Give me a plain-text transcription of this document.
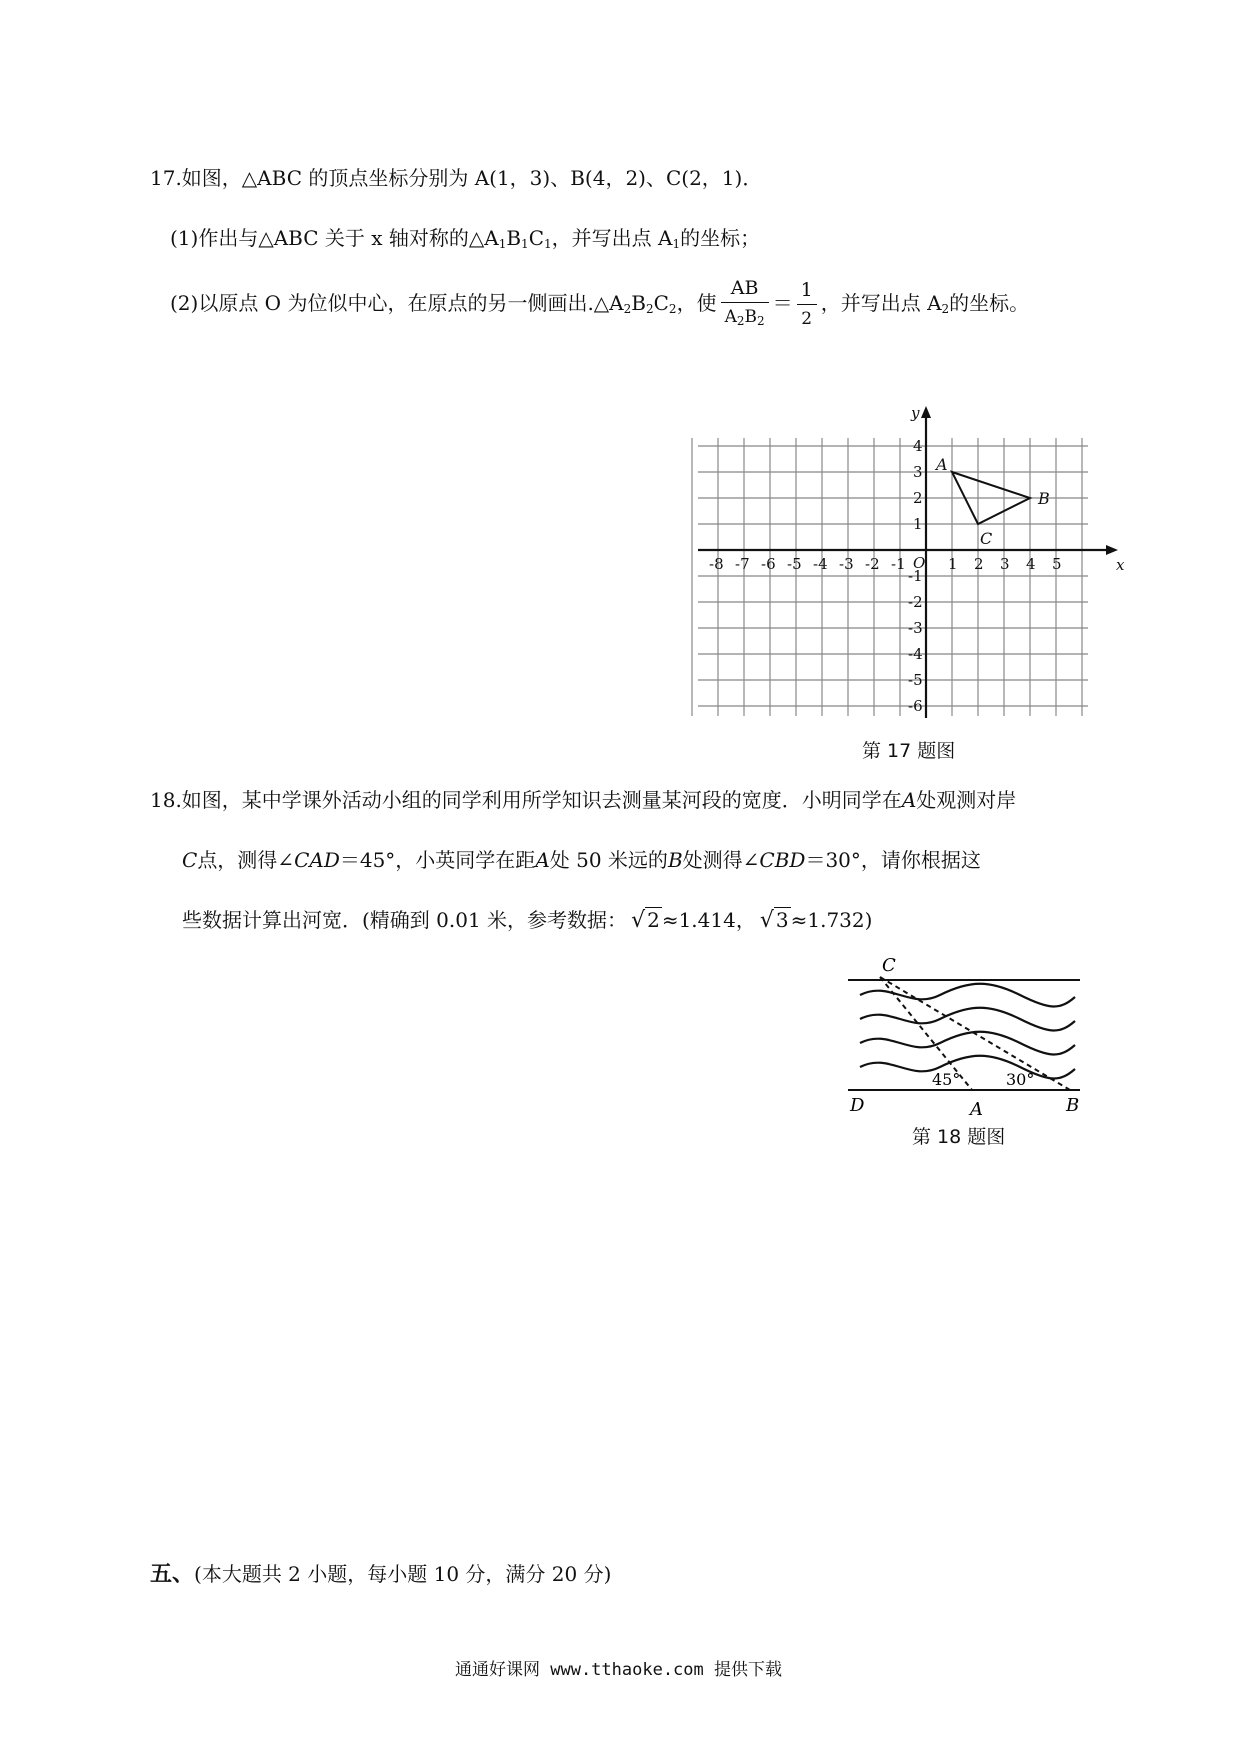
17.如图，△ABC 的顶点坐标分别为 A(1，3)、B(4，2)、C(2，1)．
(1)作出与△ABC 关于 x 轴对称的$\triangle A_1B_1C_1$，并写出点 $A_1$的坐标；
(2)以原点 O 为位似中心，在原点的另一侧画出$.\triangle A_2B_2C_2$，使 $\frac{AB}{A_2B_2} = \frac{1}{2}$ ，并写出点 $A_2$的坐标。
-8 -7 -6 -5 -4 -3 -2 -1	1 2 3 4 5
4
3
2
1
-1
-2
-3
-4
-5
-6
O	x
y
A
B
C
第 17 题图
18.如图，某中学课外活动小组的同学利用所学知识去测量某河段的宽度．小明同学在A处观测对岸
C点，测得∠CAD＝45°，小英同学在距A处 50 米远的B处测得∠CBD＝30°，请你根据这
些数据计算出河宽．(精确到 0.01 米，参考数据： √ 2 ≈1.414， √ 3 ≈1.732)
C
D	A	B
45°	30°
第 18 题图
五、(本大题共 2 小题，每小题 10 分，满分 20 分)
通通好课网 www.tthaoke.com 提供下载
